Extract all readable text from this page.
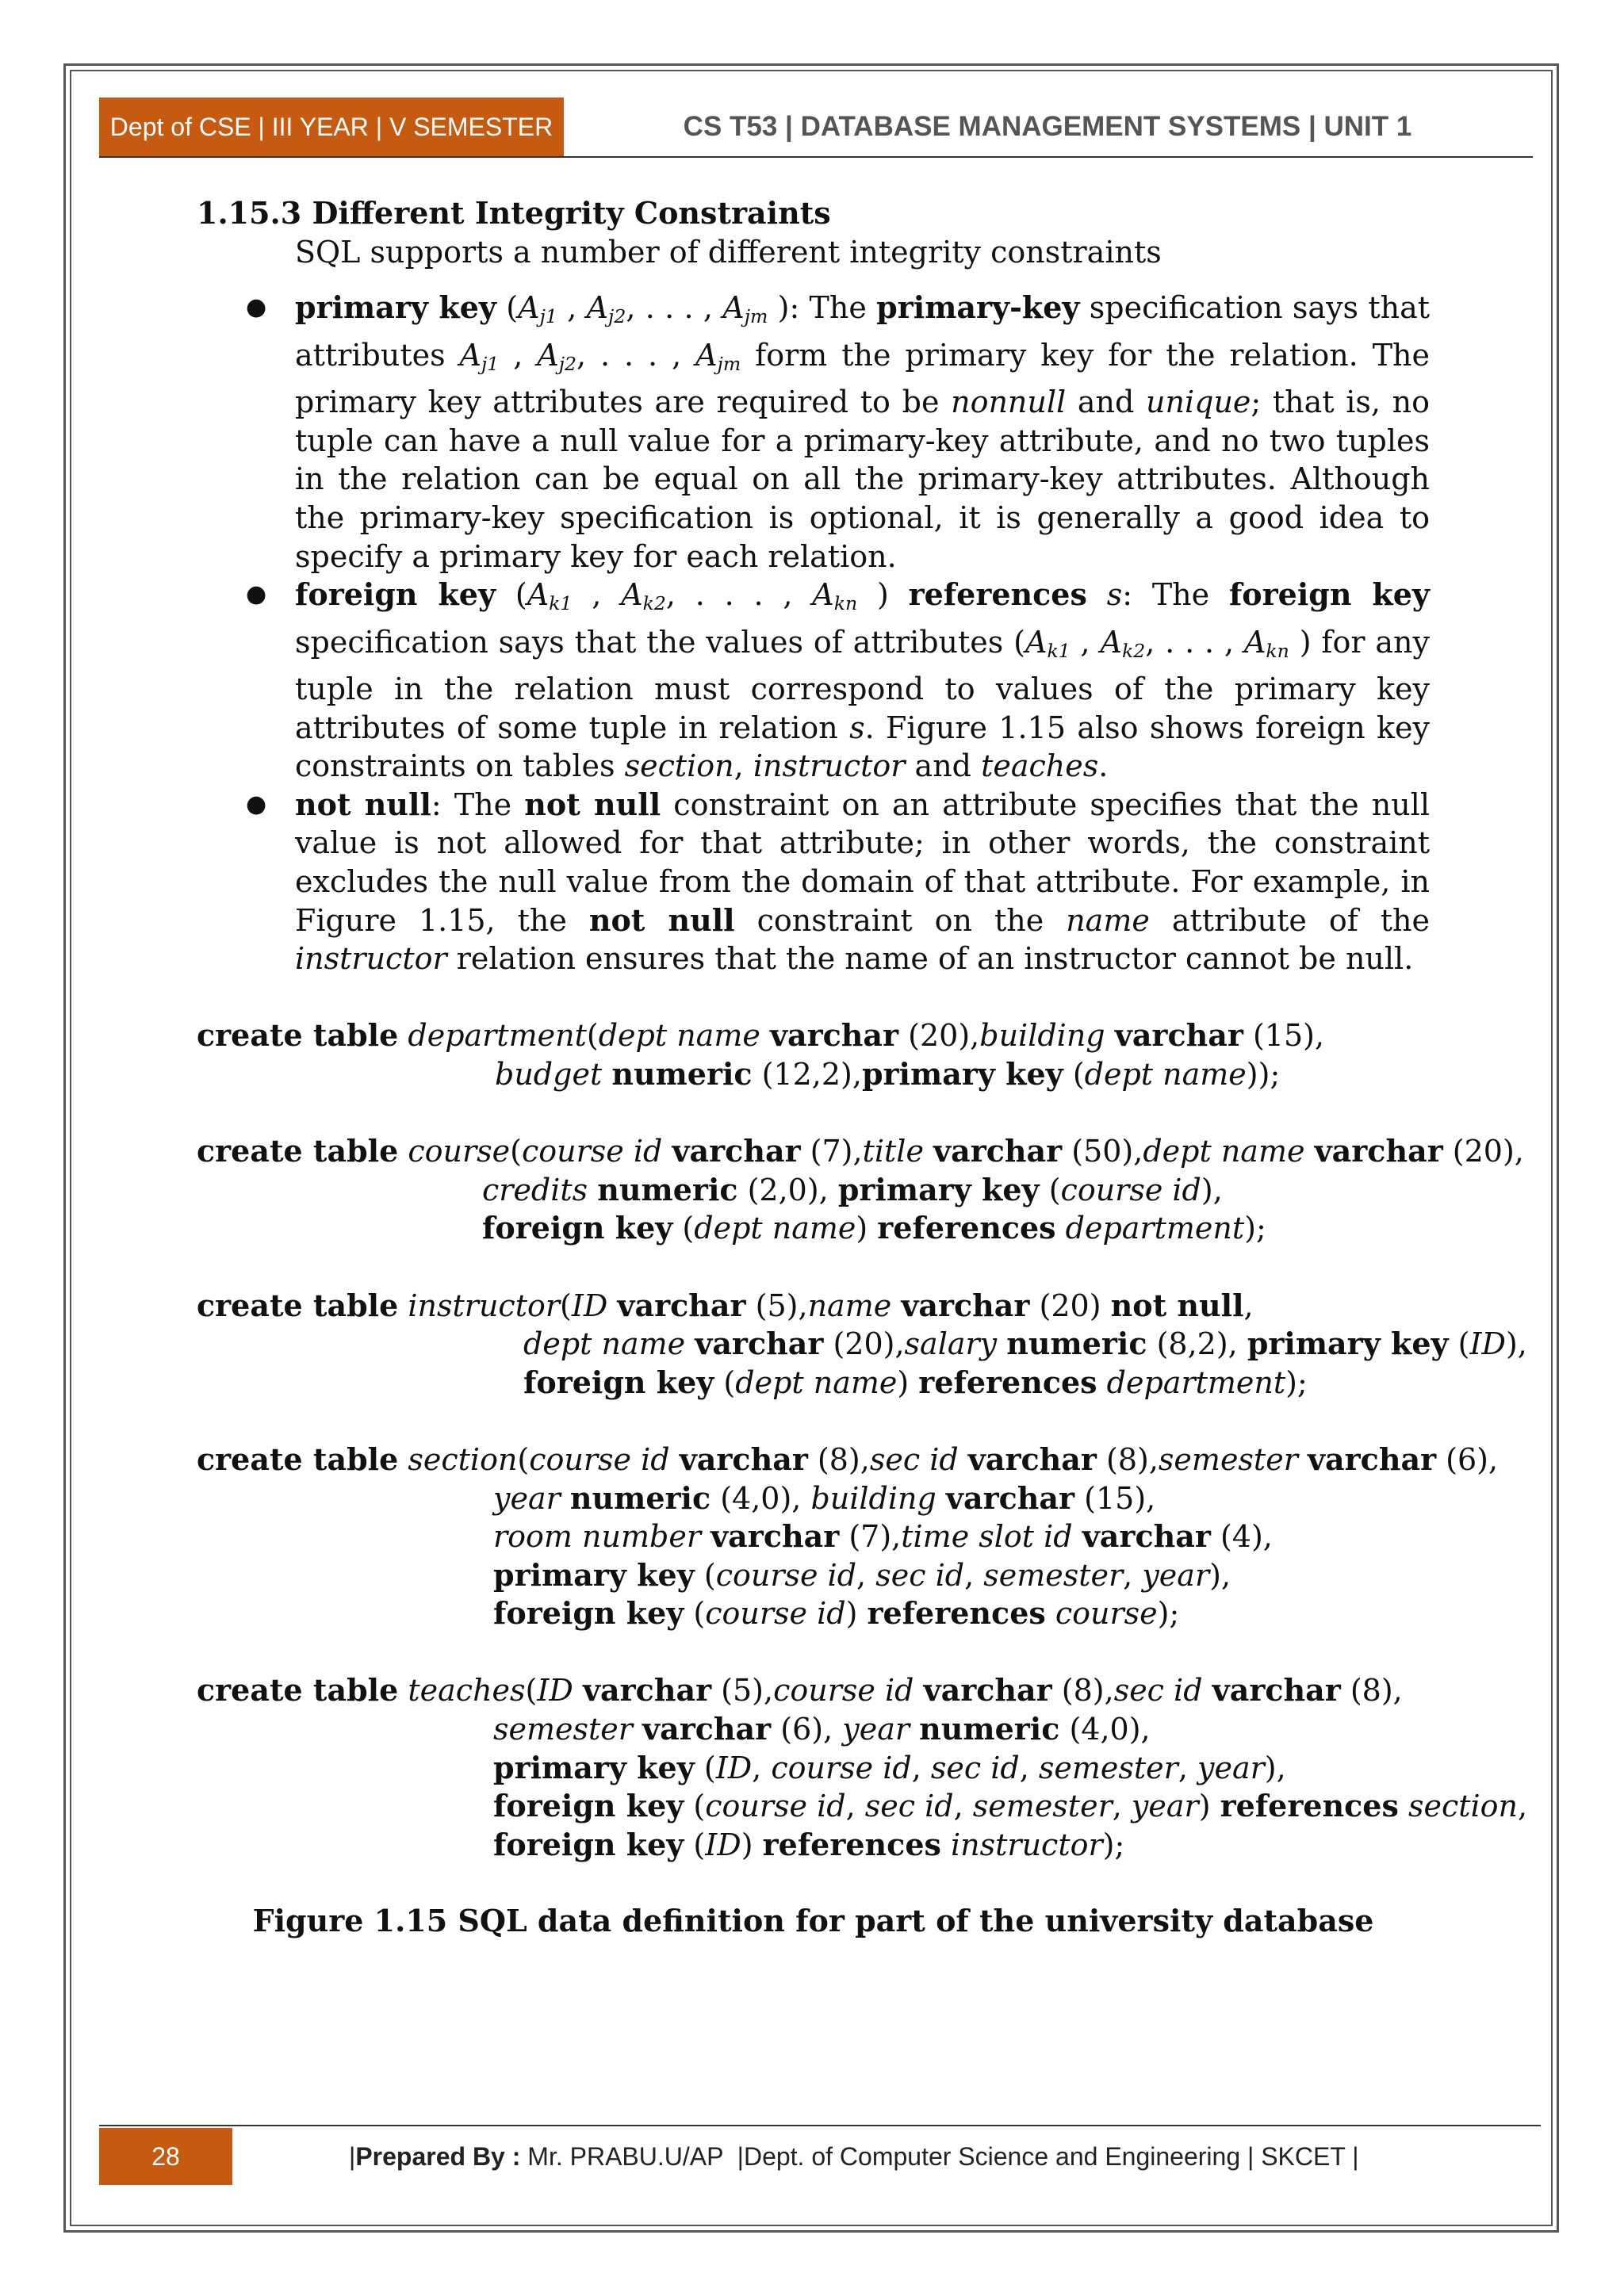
Dept of CSE | III YEAR | V SEMESTER	CS T53 | DATABASE MANAGEMENT SYSTEMS | UNIT 1

1.15.3 Different Integrity Constraints

SQL supports a number of different integrity constraints

● primary key ($A_{j1}$ , $A_{j2}$, . . . , $A_{jm}$ ): The primary-key specification says that attributes $A_{j1}$ , $A_{j2}$, . . . , $A_{jm}$ form the primary key for the relation. The primary key attributes are required to be nonnull and unique; that is, no tuple can have a null value for a primary-key attribute, and no two tuples in the relation can be equal on all the primary-key attributes. Although the primary-key specification is optional, it is generally a good idea to specify a primary key for each relation.
● foreign key ($A_{k1}$ , $A_{k2}$, . . . , $A_{kn}$ ) references s: The foreign key specification says that the values of attributes ($A_{k1}$ , $A_{k2}$, . . . , $A_{kn}$ ) for any tuple in the relation must correspond to values of the primary key attributes of some tuple in relation s. Figure 1.15 also shows foreign key constraints on tables section, instructor and teaches.
● not null: The not null constraint on an attribute specifies that the null value is not allowed for that attribute; in other words, the constraint excludes the null value from the domain of that attribute. For example, in Figure 1.15, the not null constraint on the name attribute of the instructor relation ensures that the name of an instructor cannot be null.
create table department(dept name varchar (20),building varchar (15),
budget numeric (12,2),primary key (dept name));
create table course(course id varchar (7),title varchar (50),dept name varchar (20),
credits numeric (2,0), primary key (course id),
foreign key (dept name) references department);
create table instructor(ID varchar (5),name varchar (20) not null,
dept name varchar (20),salary numeric (8,2), primary key (ID),
foreign key (dept name) references department);
create table section(course id varchar (8),sec id varchar (8),semester varchar (6),
year numeric (4,0), building varchar (15),
room number varchar (7),time slot id varchar (4),
primary key (course id, sec id, semester, year),
foreign key (course id) references course);
create table teaches(ID varchar (5),course id varchar (8),sec id varchar (8),
semester varchar (6), year numeric (4,0),
primary key (ID, course id, sec id, semester, year),
foreign key (course id, sec id, semester, year) references section,
foreign key (ID) references instructor);

Figure 1.15 SQL data definition for part of the university database

28	| Prepared By : Mr. PRABU.U/AP  |Dept. of Computer Science and Engineering | SKCET |
